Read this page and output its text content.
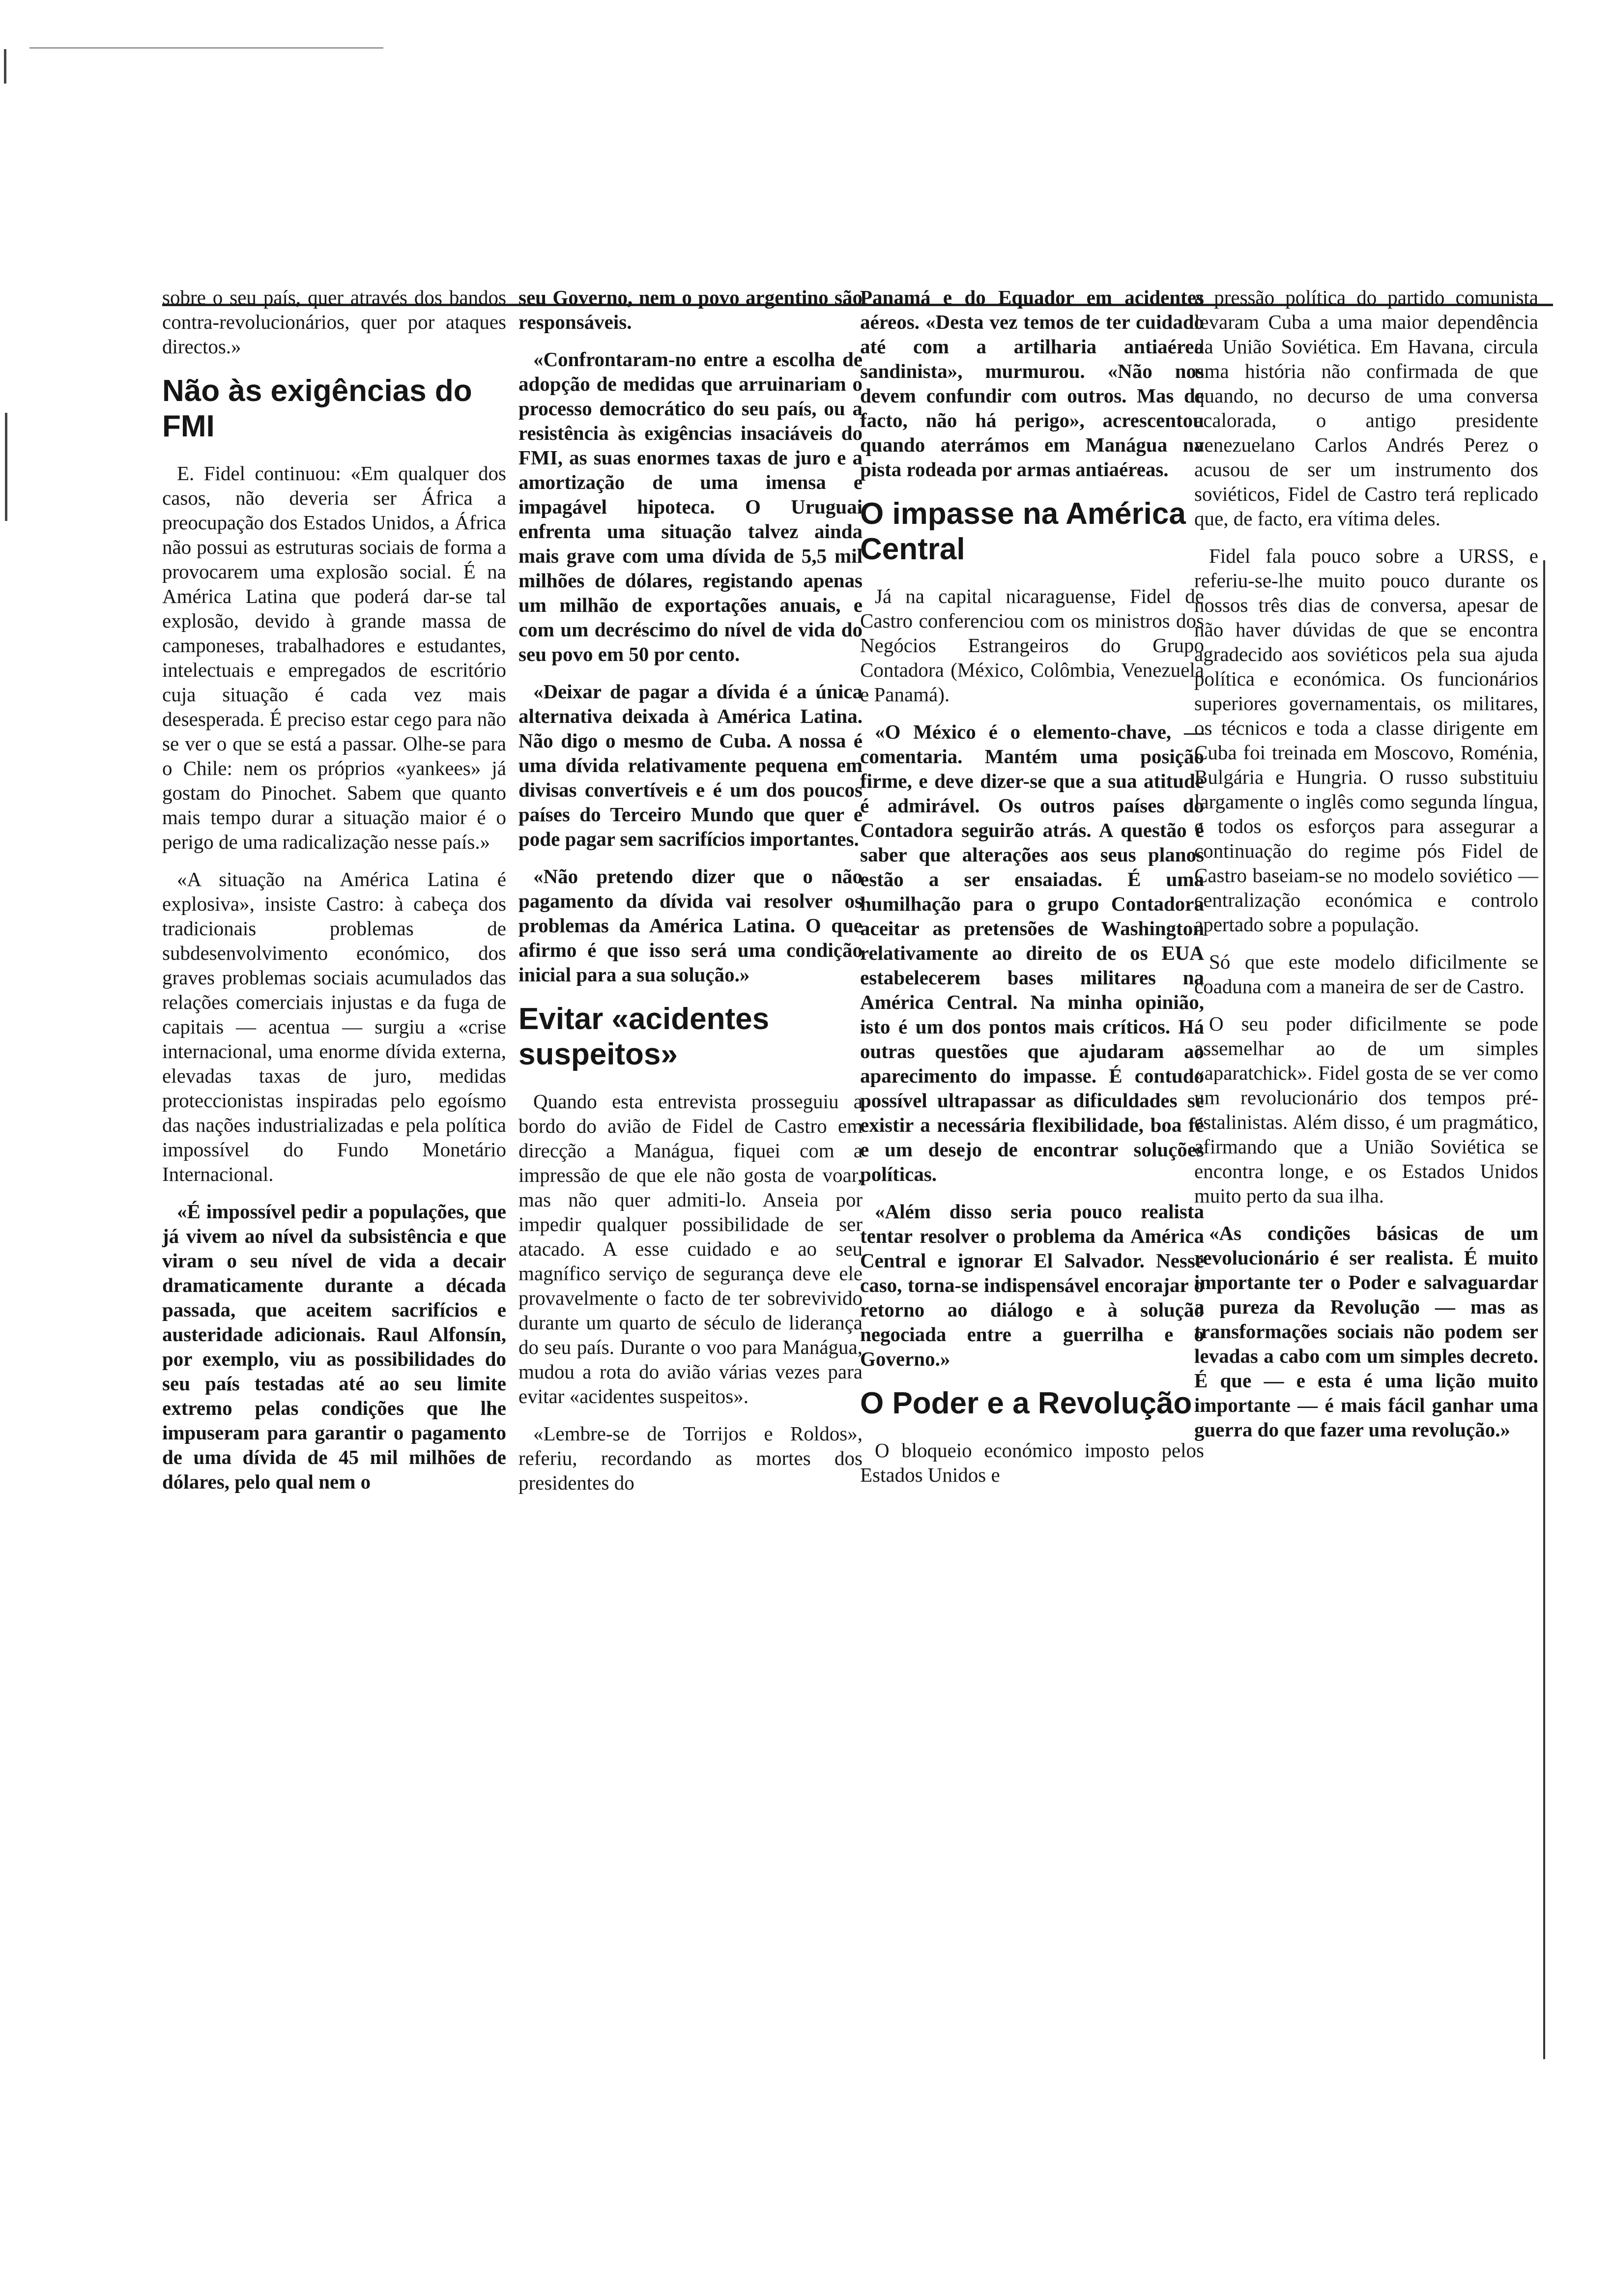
sobre o seu país, quer através dos bandos contra-revolucionários, quer por ataques directos.»

Não às exigências do FMI

E. Fidel continuou: «Em qualquer dos casos, não deveria ser África a preocupação dos Estados Unidos, a África não possui as estruturas sociais de forma a provocarem uma explosão social. É na América Latina que poderá dar-se tal explosão, devido à grande massa de camponeses, trabalhadores e estudantes, intelectuais e empregados de escritório cuja situação é cada vez mais desesperada. É preciso estar cego para não se ver o que se está a passar. Olhe-se para o Chile: nem os próprios «yankees» já gostam do Pinochet. Sabem que quanto mais tempo durar a situação maior é o perigo de uma radicalização nesse país.»

«A situação na América Latina é explosiva», insiste Castro: à cabeça dos tradicionais problemas de subdesenvolvimento económico, dos graves problemas sociais acumulados das relações comerciais injustas e da fuga de capitais — acentua — surgiu a «crise internacional, uma enorme dívida externa, elevadas taxas de juro, medidas proteccionistas inspiradas pelo egoísmo das nações industrializadas e pela política impossível do Fundo Monetário Internacional.

«É impossível pedir a populações, que já vivem ao nível da subsistência e que viram o seu nível de vida a decair dramaticamente durante a década passada, que aceitem sacrifícios e austeridade adicionais. Raul Alfonsín, por exemplo, viu as possibilidades do seu país testadas até ao seu limite extremo pelas condições que lhe impuseram para garantir o pagamento de uma dívida de 45 mil milhões de dólares, pelo qual nem o

seu Governo, nem o povo argentino são responsáveis.

«Confrontaram-no entre a escolha de adopção de medidas que arruinariam o processo democrático do seu país, ou a resistência às exigências insaciáveis do FMI, as suas enormes taxas de juro e a amortização de uma imensa e impagável hipoteca. O Uruguai enfrenta uma situação talvez ainda mais grave com uma dívida de 5,5 mil milhões de dólares, registando apenas um milhão de exportações anuais, e com um decréscimo do nível de vida do seu povo em 50 por cento.

«Deixar de pagar a dívida é a única alternativa deixada à América Latina. Não digo o mesmo de Cuba. A nossa é uma dívida relativamente pequena em divisas convertíveis e é um dos poucos países do Terceiro Mundo que quer e pode pagar sem sacrifícios importantes.

«Não pretendo dizer que o não pagamento da dívida vai resolver os problemas da América Latina. O que afirmo é que isso será uma condição inicial para a sua solução.»

Evitar «acidentes suspeitos»

Quando esta entrevista prosseguiu a bordo do avião de Fidel de Castro em direcção a Manágua, fiquei com a impressão de que ele não gosta de voar, mas não quer admiti-lo. Anseia por impedir qualquer possibilidade de ser atacado. A esse cuidado e ao seu magnífico serviço de segurança deve ele provavelmente o facto de ter sobrevivido durante um quarto de século de liderança do seu país. Durante o voo para Manágua, mudou a rota do avião várias vezes para evitar «acidentes suspeitos».

«Lembre-se de Torrijos e Roldos», referiu, recordando as mortes dos presidentes do

Panamá e do Equador em acidentes aéreos. «Desta vez temos de ter cuidado até com a artilharia antiaérea sandinista», murmurou. «Não nos devem confundir com outros. Mas de facto, não há perigo», acrescentou quando aterrámos em Manágua na pista rodeada por armas antiaéreas.

O impasse na América Central

Já na capital nicaraguense, Fidel de Castro conferenciou com os ministros dos Negócios Estrangeiros do Grupo Contadora (México, Colômbia, Venezuela e Panamá).

«O México é o elemento-chave, — comentaria. Mantém uma posição firme, e deve dizer-se que a sua atitude é admirável. Os outros países do Contadora seguirão atrás. A questão é saber que alterações aos seus planos estão a ser ensaiadas. É uma humilhação para o grupo Contadora aceitar as pretensões de Washington relativamente ao direito de os EUA estabelecerem bases militares na América Central. Na minha opinião, isto é um dos pontos mais críticos. Há outras questões que ajudaram ao aparecimento do impasse. É contudo possível ultrapassar as dificuldades se existir a necessária flexibilidade, boa fé e um desejo de encontrar soluções políticas.

«Além disso seria pouco realista tentar resolver o problema da América Central e ignorar El Salvador. Nesse caso, torna-se indispensável encorajar o retorno ao diálogo e à solução negociada entre a guerrilha e o Governo.»

O Poder e a Revolução

O bloqueio económico imposto pelos Estados Unidos e

a pressão política do partido comunista levaram Cuba a uma maior dependência da União Soviética. Em Havana, circula uma história não confirmada de que quando, no decurso de uma conversa acalorada, o antigo presidente venezuelano Carlos Andrés Perez o acusou de ser um instrumento dos soviéticos, Fidel de Castro terá replicado que, de facto, era vítima deles.

Fidel fala pouco sobre a URSS, e referiu-se-lhe muito pouco durante os nossos três dias de conversa, apesar de não haver dúvidas de que se encontra agradecido aos soviéticos pela sua ajuda política e económica. Os funcionários superiores governamentais, os militares, os técnicos e toda a classe dirigente em Cuba foi treinada em Moscovo, Roménia, Bulgária e Hungria. O russo substituiu largamente o inglês como segunda língua, e todos os esforços para assegurar a continuação do regime pós Fidel de Castro baseiam-se no modelo soviético — centralização económica e controlo apertado sobre a população.

Só que este modelo dificilmente se coaduna com a maneira de ser de Castro.

O seu poder dificilmente se pode assemelhar ao de um simples «aparatchick». Fidel gosta de se ver como um revolucionário dos tempos pré-estalinistas. Além disso, é um pragmático, afirmando que a União Soviética se encontra longe, e os Estados Unidos muito perto da sua ilha.

«As condições básicas de um revolucionário é ser realista. É muito importante ter o Poder e salvaguardar a pureza da Revolução — mas as transformações sociais não podem ser levadas a cabo com um simples decreto. É que — e esta é uma lição muito importante — é mais fácil ganhar uma guerra do que fazer uma revolução.»
